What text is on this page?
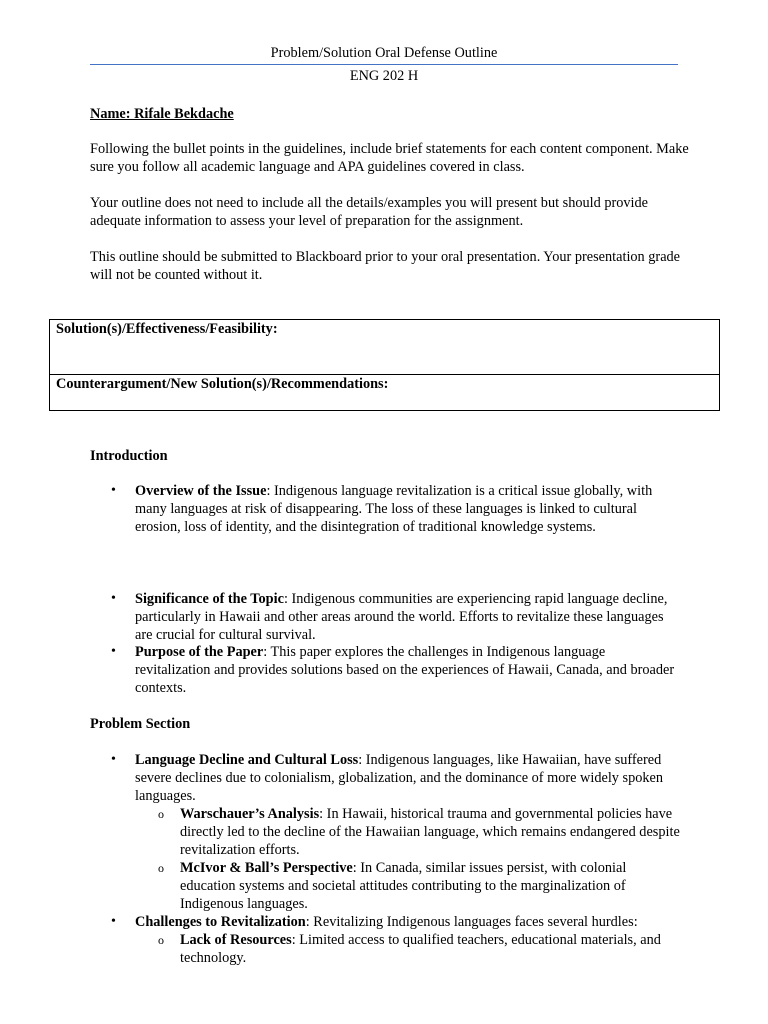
Problem/Solution Oral Defense Outline
ENG 202 H
Name: Rifale Bekdache
Following the bullet points in the guidelines, include brief statements for each content component. Make sure you follow all academic language and APA guidelines covered in class.
Your outline does not need to include all the details/examples you will present but should provide adequate information to assess your level of preparation for the assignment.
This outline should be submitted to Blackboard prior to your oral presentation. Your presentation grade will not be counted without it.
Solution(s)/Effectiveness/Feasibility:
Counterargument/New Solution(s)/Recommendations:
Introduction
• Overview of the Issue: Indigenous language revitalization is a critical issue globally, with many languages at risk of disappearing. The loss of these languages is linked to cultural erosion, loss of identity, and the disintegration of traditional knowledge systems.
• Significance of the Topic: Indigenous communities are experiencing rapid language decline, particularly in Hawaii and other areas around the world. Efforts to revitalize these languages are crucial for cultural survival.
• Purpose of the Paper: This paper explores the challenges in Indigenous language revitalization and provides solutions based on the experiences of Hawaii, Canada, and broader contexts.
Problem Section
• Language Decline and Cultural Loss: Indigenous languages, like Hawaiian, have suffered severe declines due to colonialism, globalization, and the dominance of more widely spoken languages.
o Warschauer’s Analysis: In Hawaii, historical trauma and governmental policies have directly led to the decline of the Hawaiian language, which remains endangered despite revitalization efforts.
o McIvor & Ball’s Perspective: In Canada, similar issues persist, with colonial education systems and societal attitudes contributing to the marginalization of Indigenous languages.
• Challenges to Revitalization: Revitalizing Indigenous languages faces several hurdles:
o Lack of Resources: Limited access to qualified teachers, educational materials, and technology.
